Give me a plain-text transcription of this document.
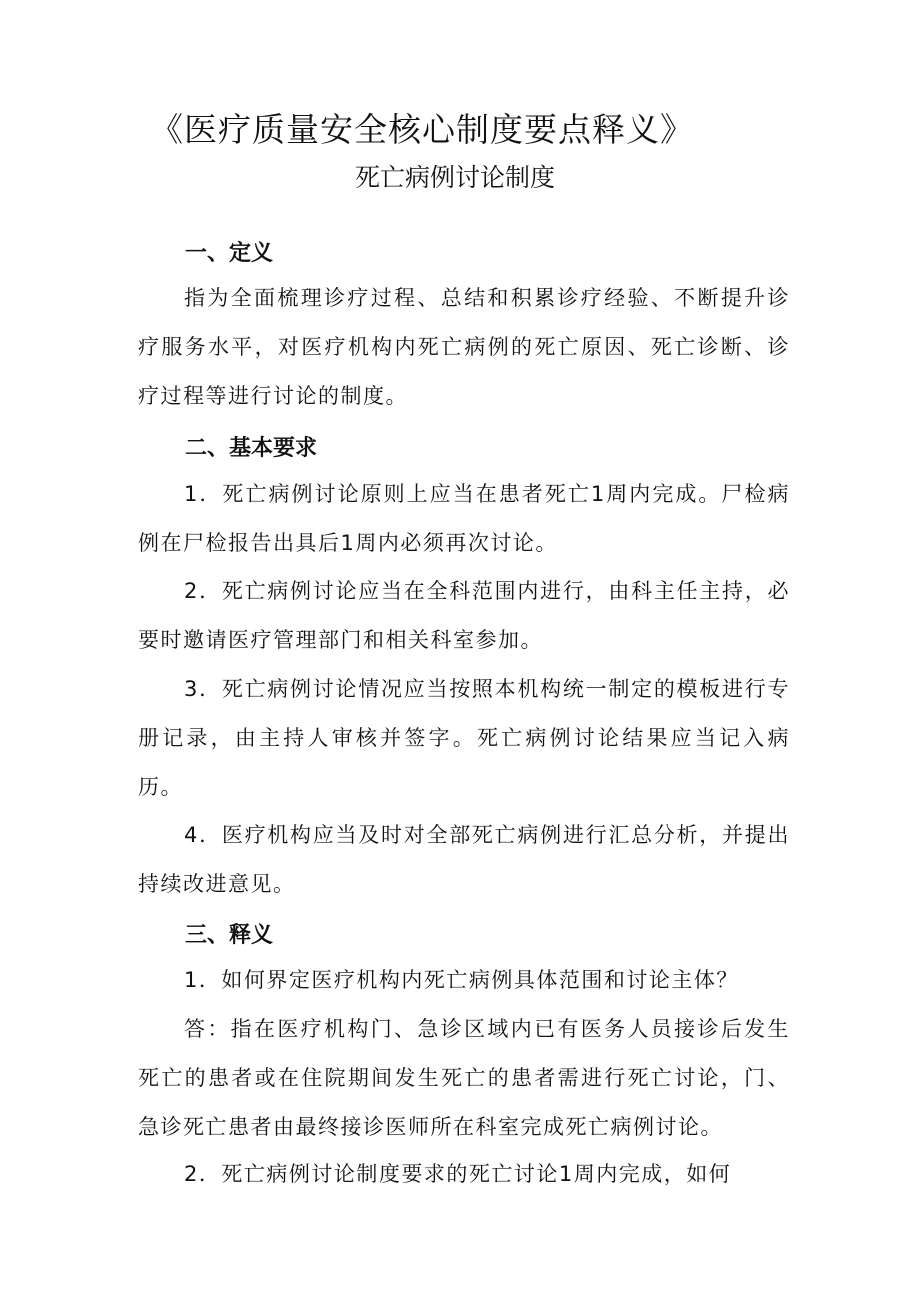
《医疗质量安全核心制度要点释义》
死亡病例讨论制度
一、定义

指为全面梳理诊疗过程、总结和积累诊疗经验、不断提升诊疗服务水平，对医疗机构内死亡病例的死亡原因、死亡诊断、诊疗过程等进行讨论的制度。

二、基本要求

1．死亡病例讨论原则上应当在患者死亡1周内完成。尸检病例在尸检报告出具后1周内必须再次讨论。

2．死亡病例讨论应当在全科范围内进行，由科主任主持，必要时邀请医疗管理部门和相关科室参加。

3．死亡病例讨论情况应当按照本机构统一制定的模板进行专册记录，由主持人审核并签字。死亡病例讨论结果应当记入病历。

4．医疗机构应当及时对全部死亡病例进行汇总分析，并提出持续改进意见。

三、释义

1．如何界定医疗机构内死亡病例具体范围和讨论主体？

答：指在医疗机构门、急诊区域内已有医务人员接诊后发生死亡的患者或在住院期间发生死亡的患者需进行死亡讨论，门、急诊死亡患者由最终接诊医师所在科室完成死亡病例讨论。

2．死亡病例讨论制度要求的死亡讨论1周内完成，如何
